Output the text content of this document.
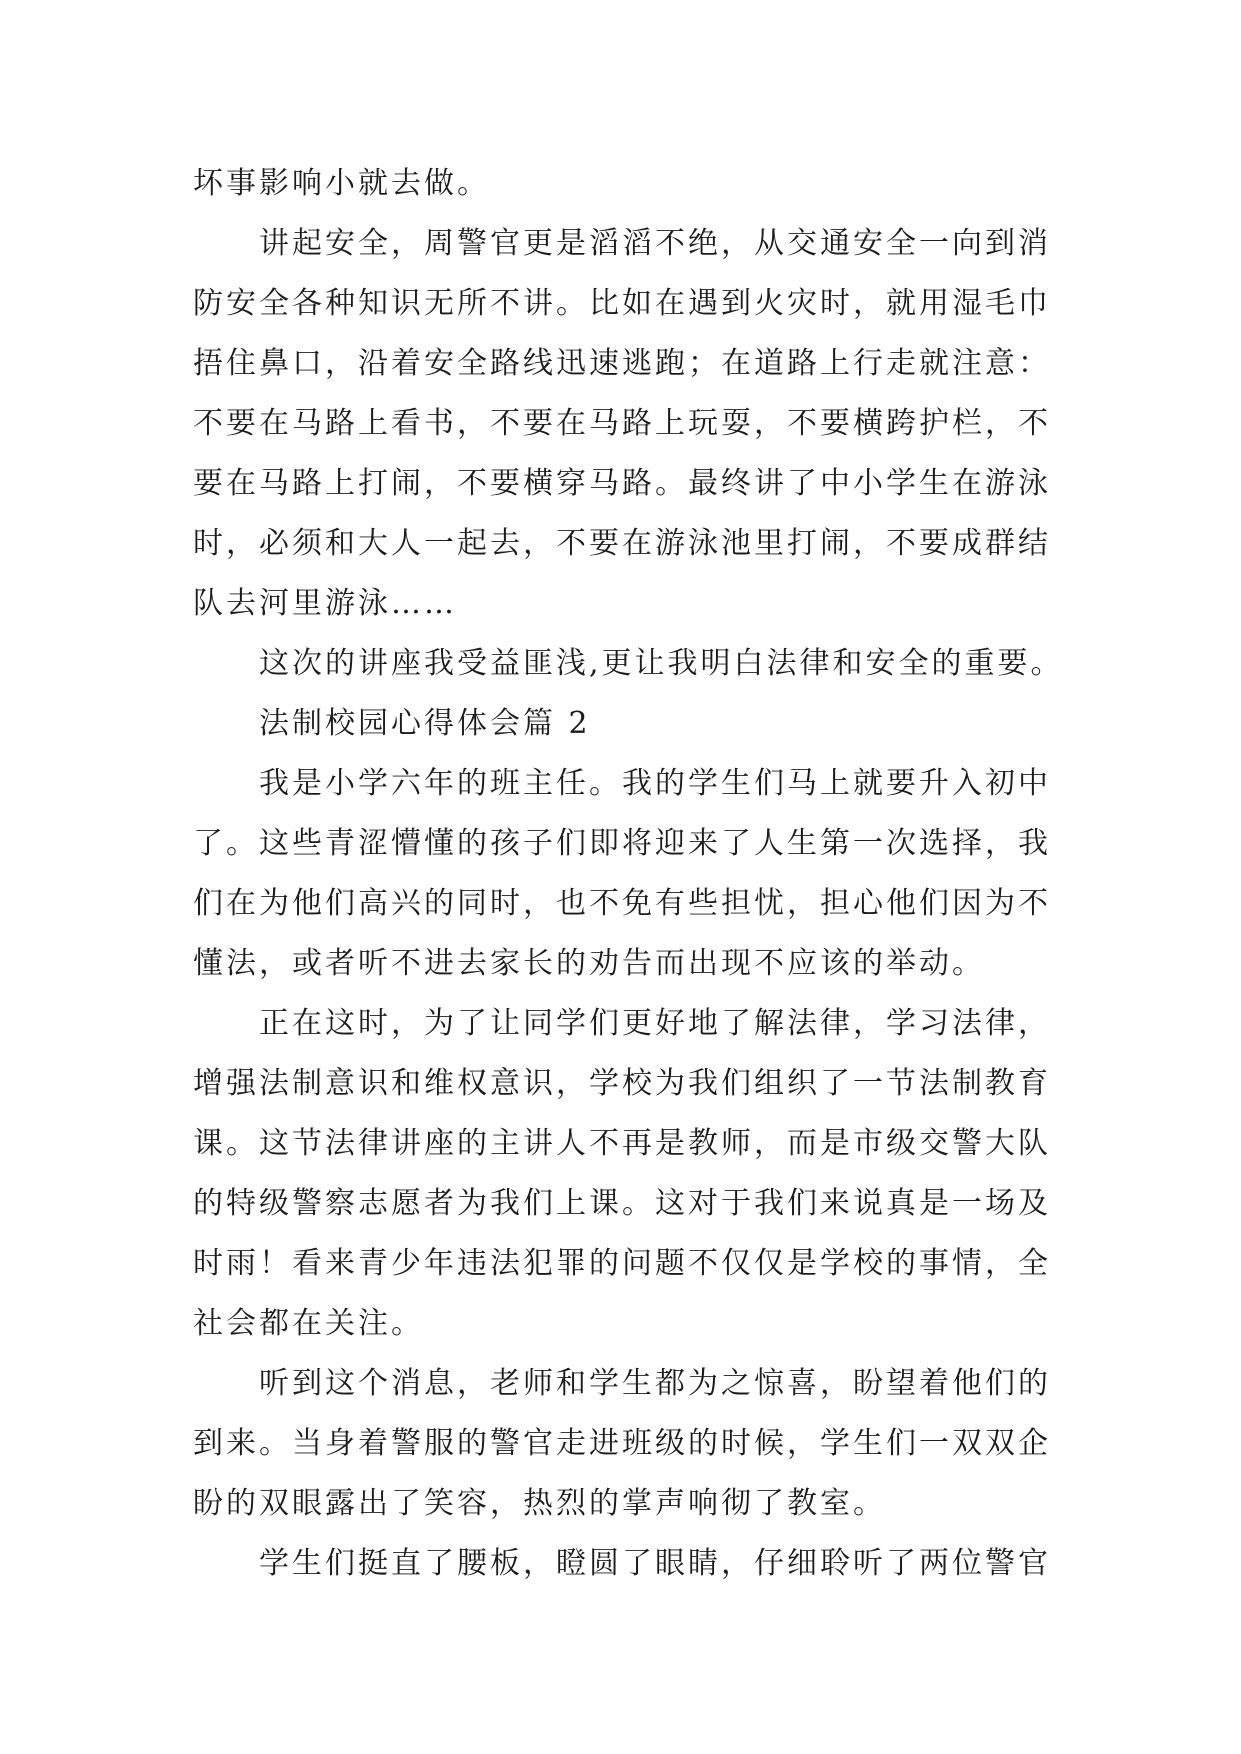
坏事影响小就去做。
讲起安全，周警官更是滔滔不绝，从交通安全一向到消
防安全各种知识无所不讲。比如在遇到火灾时，就用湿毛巾
捂住鼻口，沿着安全路线迅速逃跑；在道路上行走就注意：
不要在马路上看书，不要在马路上玩耍，不要横跨护栏，不
要在马路上打闹，不要横穿马路。最终讲了中小学生在游泳
时，必须和大人一起去，不要在游泳池里打闹，不要成群结
队去河里游泳……
这次的讲座我受益匪浅,更让我明白法律和安全的重要。
法制校园心得体会篇 2
我是小学六年的班主任。我的学生们马上就要升入初中
了。这些青涩懵懂的孩子们即将迎来了人生第一次选择，我
们在为他们高兴的同时，也不免有些担忧，担心他们因为不
懂法，或者听不进去家长的劝告而出现不应该的举动。
正在这时，为了让同学们更好地了解法律，学习法律，
增强法制意识和维权意识，学校为我们组织了一节法制教育
课。这节法律讲座的主讲人不再是教师，而是市级交警大队
的特级警察志愿者为我们上课。这对于我们来说真是一场及
时雨！看来青少年违法犯罪的问题不仅仅是学校的事情，全
社会都在关注。
听到这个消息，老师和学生都为之惊喜，盼望着他们的
到来。当身着警服的警官走进班级的时候，学生们一双双企
盼的双眼露出了笑容，热烈的掌声响彻了教室。
学生们挺直了腰板，瞪圆了眼睛，仔细聆听了两位警官
